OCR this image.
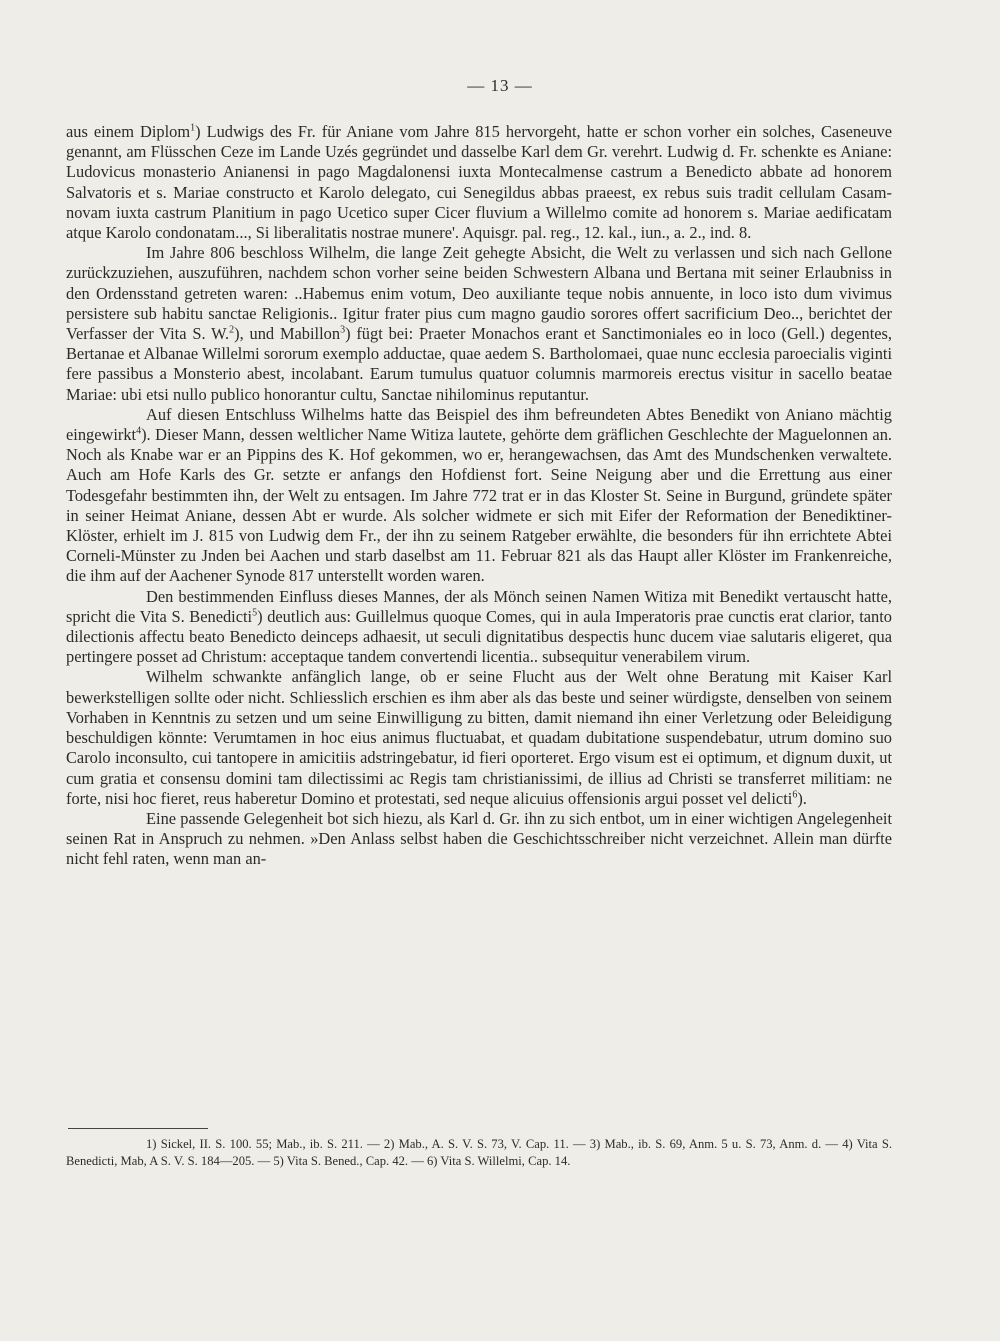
— 13 —

aus einem Diplom$^1$) Ludwigs des Fr. für Aniane vom Jahre 815 hervorgeht, hatte er schon vorher ein solches, Caseneuve genannt, am Flüsschen Ceze im Lande Uzés gegründet und dasselbe Karl dem Gr. verehrt. Ludwig d. Fr. schenkte es Aniane: Ludovicus monasterio Anianensi in pago Magdalonensi iuxta Montecalmense castrum a Benedicto abbate ad honorem Salvatoris et s. Mariae constructo et Karolo delegato, cui Senegildus abbas praeest, ex rebus suis tradit cellulam Casam-novam iuxta castrum Planitium in pago Ucetico super Cicer fluvium a Willelmo comite ad honorem s. Mariae aedificatam atque Karolo condonatam..., Si liberalitatis nostrae munere'. Aquisgr. pal. reg., 12. kal., iun., a. 2., ind. 8.

Im Jahre 806 beschloss Wilhelm, die lange Zeit gehegte Absicht, die Welt zu verlassen und sich nach Gellone zurückzuziehen, auszuführen, nachdem schon vorher seine beiden Schwestern Albana und Bertana mit seiner Erlaubniss in den Ordensstand getreten waren: ..Habemus enim votum, Deo auxiliante teque nobis annuente, in loco isto dum vivimus persistere sub habitu sanctae Religionis.. Igitur frater pius cum magno gaudio sorores offert sacrificium Deo.., berichtet der Verfasser der Vita S. W.$^2$), und Mabillon$^3$) fügt bei: Praeter Monachos erant et Sanctimoniales eo in loco (Gell.) degentes, Bertanae et Albanae Willelmi sororum exemplo adductae, quae aedem S. Bartholomaei, quae nunc ecclesia paroecialis viginti fere passibus a Monsterio abest, incolabant. Earum tumulus quatuor columnis marmoreis erectus visitur in sacello beatae Mariae: ubi etsi nullo publico honorantur cultu, Sanctae nihilominus reputantur.

Auf diesen Entschluss Wilhelms hatte das Beispiel des ihm befreundeten Abtes Benedikt von Aniano mächtig eingewirkt$^4$). Dieser Mann, dessen weltlicher Name Witiza lautete, gehörte dem gräflichen Geschlechte der Maguelonnen an. Noch als Knabe war er an Pippins des K. Hof gekommen, wo er, herangewachsen, das Amt des Mundschenken verwaltete. Auch am Hofe Karls des Gr. setzte er anfangs den Hofdienst fort. Seine Neigung aber und die Errettung aus einer Todesgefahr bestimmten ihn, der Welt zu entsagen. Im Jahre 772 trat er in das Kloster St. Seine in Burgund, gründete später in seiner Heimat Aniane, dessen Abt er wurde. Als solcher widmete er sich mit Eifer der Reformation der Benediktiner-Klöster, erhielt im J. 815 von Ludwig dem Fr., der ihn zu seinem Ratgeber erwählte, die besonders für ihn errichtete Abtei Corneli-Münster zu Jnden bei Aachen und starb daselbst am 11. Februar 821 als das Haupt aller Klöster im Frankenreiche, die ihm auf der Aachener Synode 817 unterstellt worden waren.

Den bestimmenden Einfluss dieses Mannes, der als Mönch seinen Namen Witiza mit Benedikt vertauscht hatte, spricht die Vita S. Benedicti$^5$) deutlich aus: Guillelmus quoque Comes, qui in aula Imperatoris prae cunctis erat clarior, tanto dilectionis affectu beato Benedicto deinceps adhaesit, ut seculi dignitatibus despectis hunc ducem viae salutaris eligeret, qua pertingere posset ad Christum: acceptaque tandem convertendi licentia.. subsequitur venerabilem virum.

Wilhelm schwankte anfänglich lange, ob er seine Flucht aus der Welt ohne Beratung mit Kaiser Karl bewerkstelligen sollte oder nicht. Schliesslich erschien es ihm aber als das beste und seiner würdigste, denselben von seinem Vorhaben in Kenntnis zu setzen und um seine Einwilligung zu bitten, damit niemand ihn einer Verletzung oder Beleidigung beschuldigen könnte: Verumtamen in hoc eius animus fluctuabat, et quadam dubitatione suspendebatur, utrum domino suo Carolo inconsulto, cui tantopere in amicitiis adstringebatur, id fieri oporteret. Ergo visum est ei optimum, et dignum duxit, ut cum gratia et consensu domini tam dilectissimi ac Regis tam christianissimi, de illius ad Christi se transferret militiam: ne forte, nisi hoc fieret, reus haberetur Domino et protestati, sed neque alicuius offensionis argui posset vel delicti$^6$).

Eine passende Gelegenheit bot sich hiezu, als Karl d. Gr. ihn zu sich entbot, um in einer wichtigen Angelegenheit seinen Rat in Anspruch zu nehmen. »Den Anlass selbst haben die Geschichtsschreiber nicht verzeichnet. Allein man dürfte nicht fehl raten, wenn man an-

1) Sickel, II. S. 100. 55; Mab., ib. S. 211. — 2) Mab., A. S. V. S. 73, V. Cap. 11. — 3) Mab., ib. S. 69, Anm. 5 u. S. 73, Anm. d. — 4) Vita S. Benedicti, Mab, A S. V. S. 184—205. — 5) Vita S. Bened., Cap. 42. — 6) Vita S. Willelmi, Cap. 14.
